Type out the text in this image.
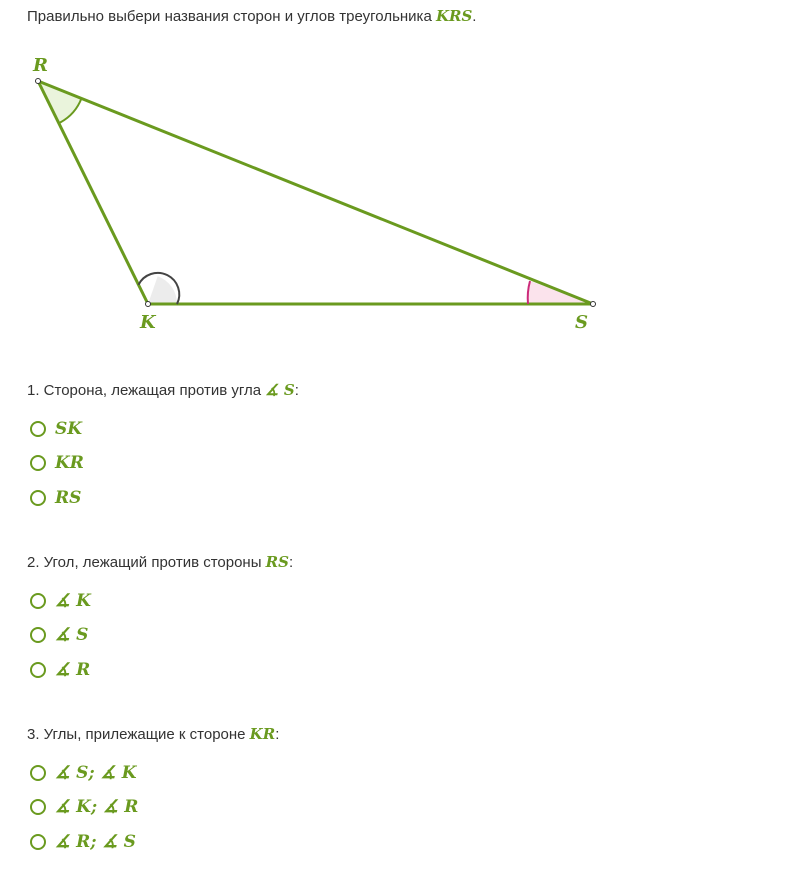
Правильно выбери названия сторон и углов треугольника KRS.
R
K	S
1. Сторона, лежащая против угла ∡ S:
SK
KR
RS
2. Угол, лежащий против стороны RS:
∡ K
∡ S
∡ R
3. Углы, прилежащие к стороне KR:
∡ S; ∡ K
∡ K; ∡ R
∡ R; ∡ S
